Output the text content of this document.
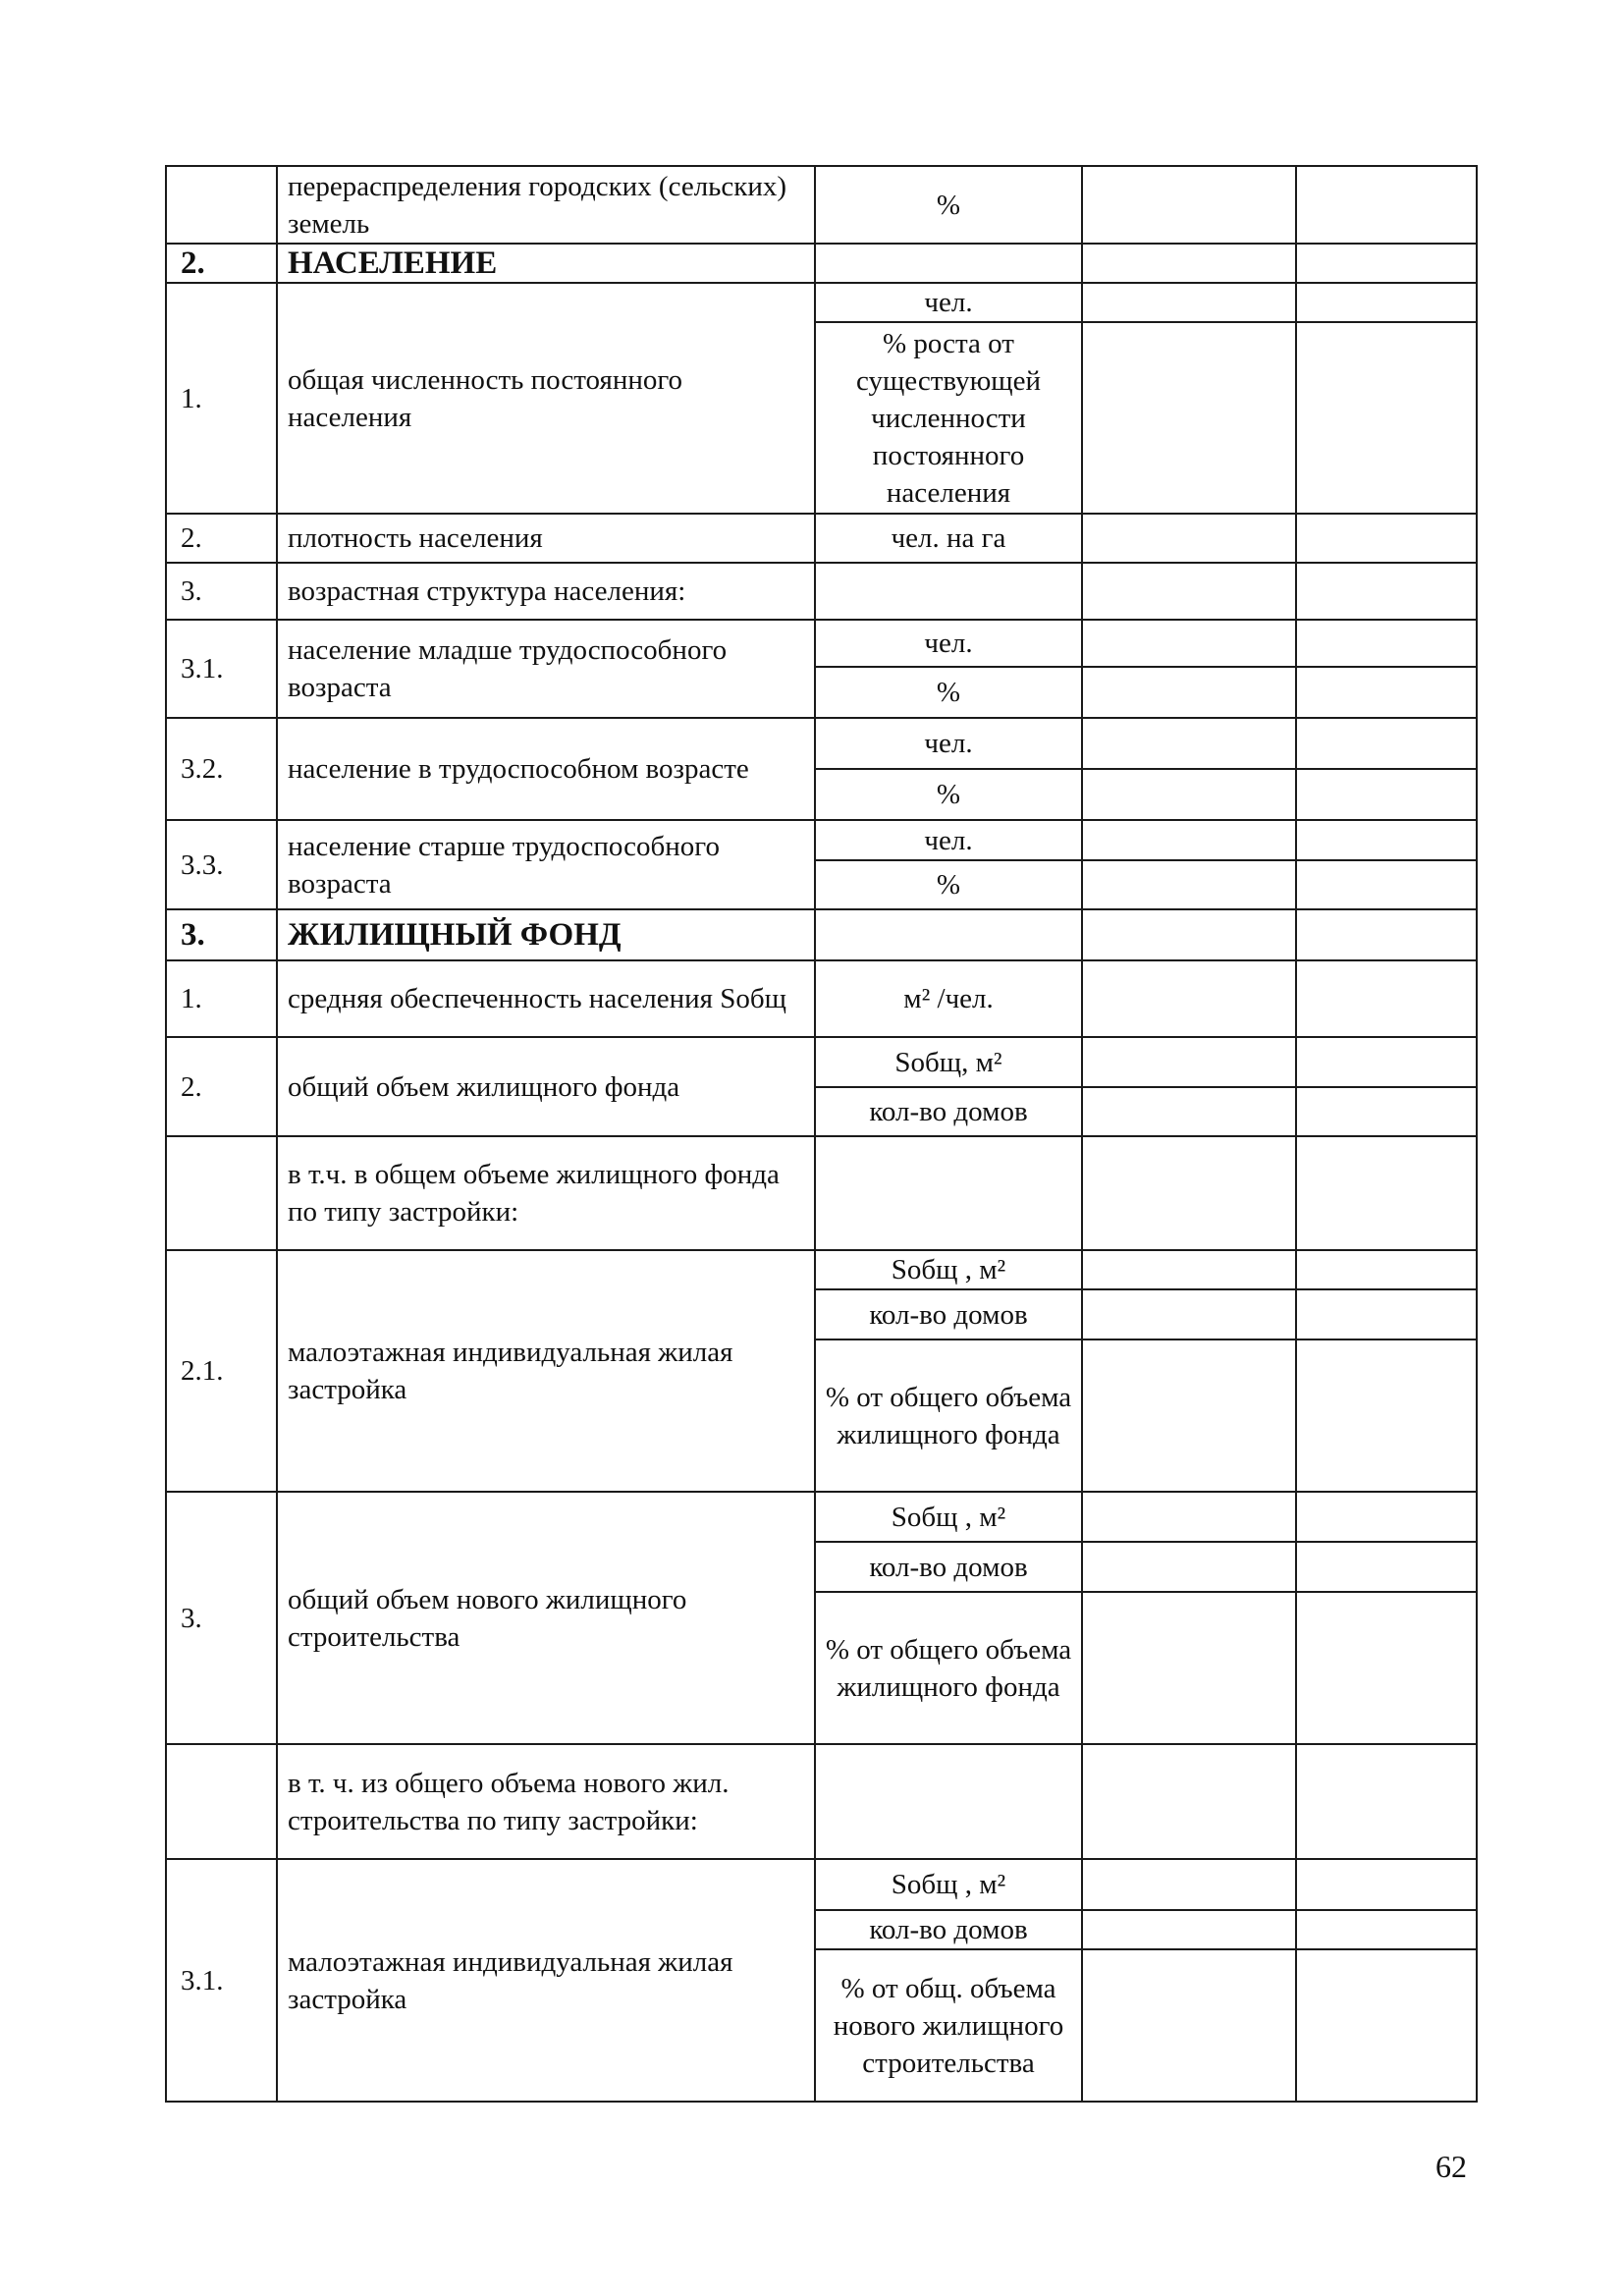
	перераспределения городских (сельских) земель	%		
2.	НАСЕЛЕНИЕ			
1.	общая численность постоянного населения	чел.		
		% роста от существующей численности постоянного населения		
2.	плотность населения	чел. на га		
3.	возрастная структура населения:			
3.1.	население младше трудоспособного возраста	чел.		
		%		
3.2.	население в трудоспособном возрасте	чел.		
		%		
3.3.	население старше трудоспособного возраста	чел.		
		%		
3.	ЖИЛИЩНЫЙ ФОНД			
1.	средняя обеспеченность населения Sобщ	м² /чел.		
2.	общий объем жилищного фонда	Sобщ, м²		
		кол-во домов		
	в т.ч. в общем объеме жилищного фонда по типу застройки:			
2.1.	малоэтажная индивидуальная жилая застройка	Sобщ , м²		
		кол-во домов		
		% от общего объема жилищного фонда		
3.	общий объем нового жилищного строительства	Sобщ , м²		
		кол-во домов		
		% от общего объема жилищного фонда		
	в т. ч. из общего объема нового жил. строительства по типу застройки:			
3.1.	малоэтажная индивидуальная жилая застройка	Sобщ , м²		
		кол-во домов		
		% от общ. объема нового жилищного строительства		
62
